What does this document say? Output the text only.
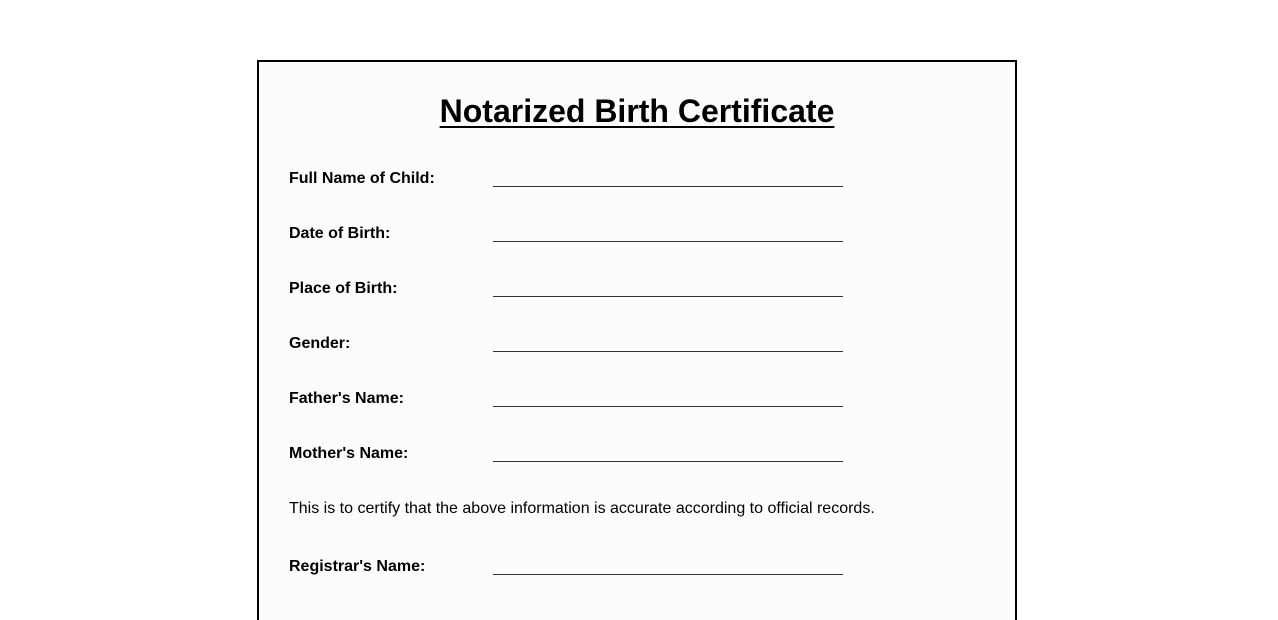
Notarized Birth Certificate
Full Name of Child:
Date of Birth:
Place of Birth:
Gender:
Father's Name:
Mother's Name:

This is to certify that the above information is accurate according to official records.

Registrar's Name:
